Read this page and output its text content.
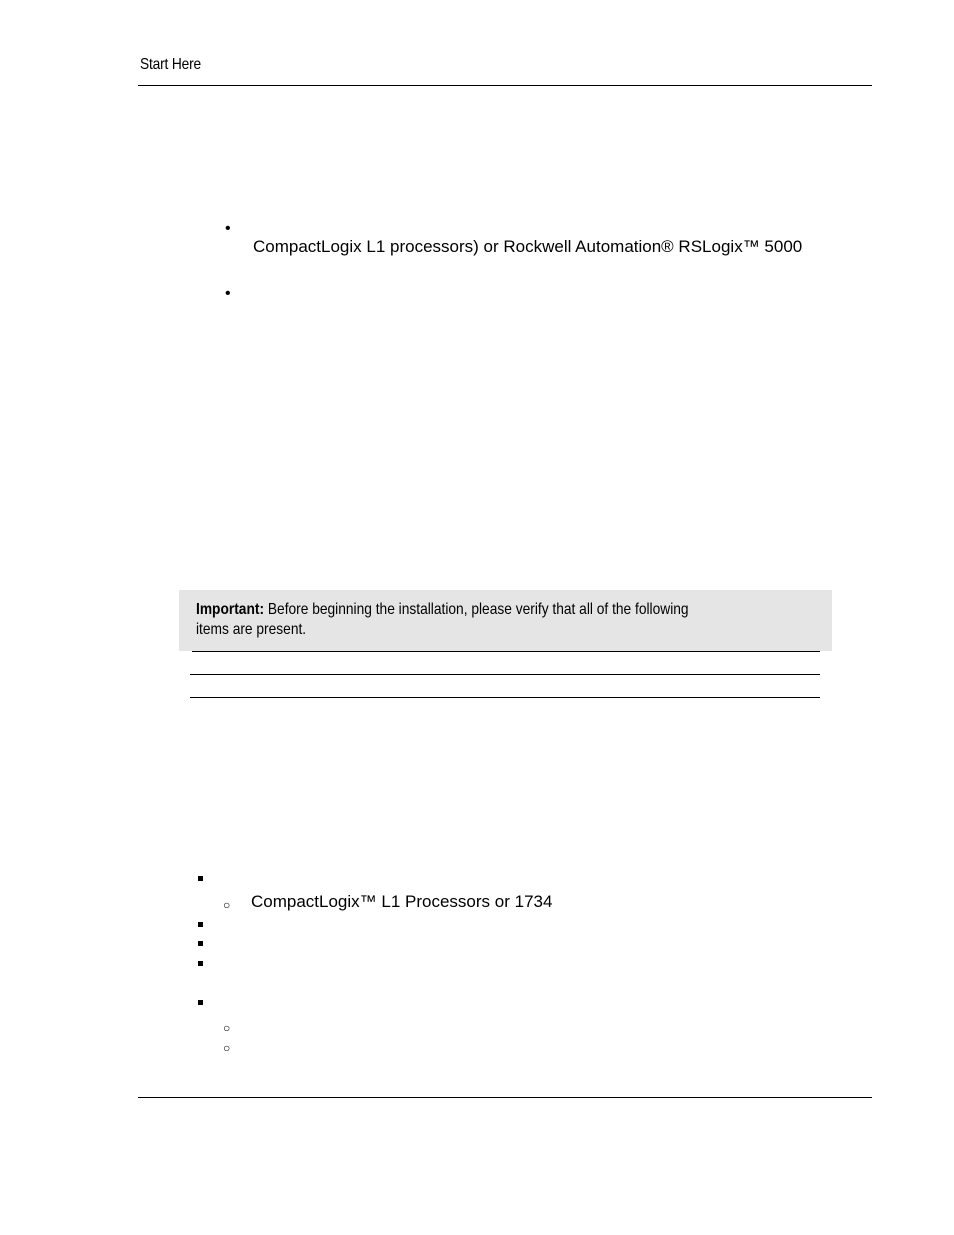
Start Here
•
CompactLogix L1 processors) or Rockwell Automation® RSLogix™ 5000
•
Important: Before beginning the installation, please verify that all of the following items are present.
○ CompactLogix™ L1 Processors or 1734
○
○
